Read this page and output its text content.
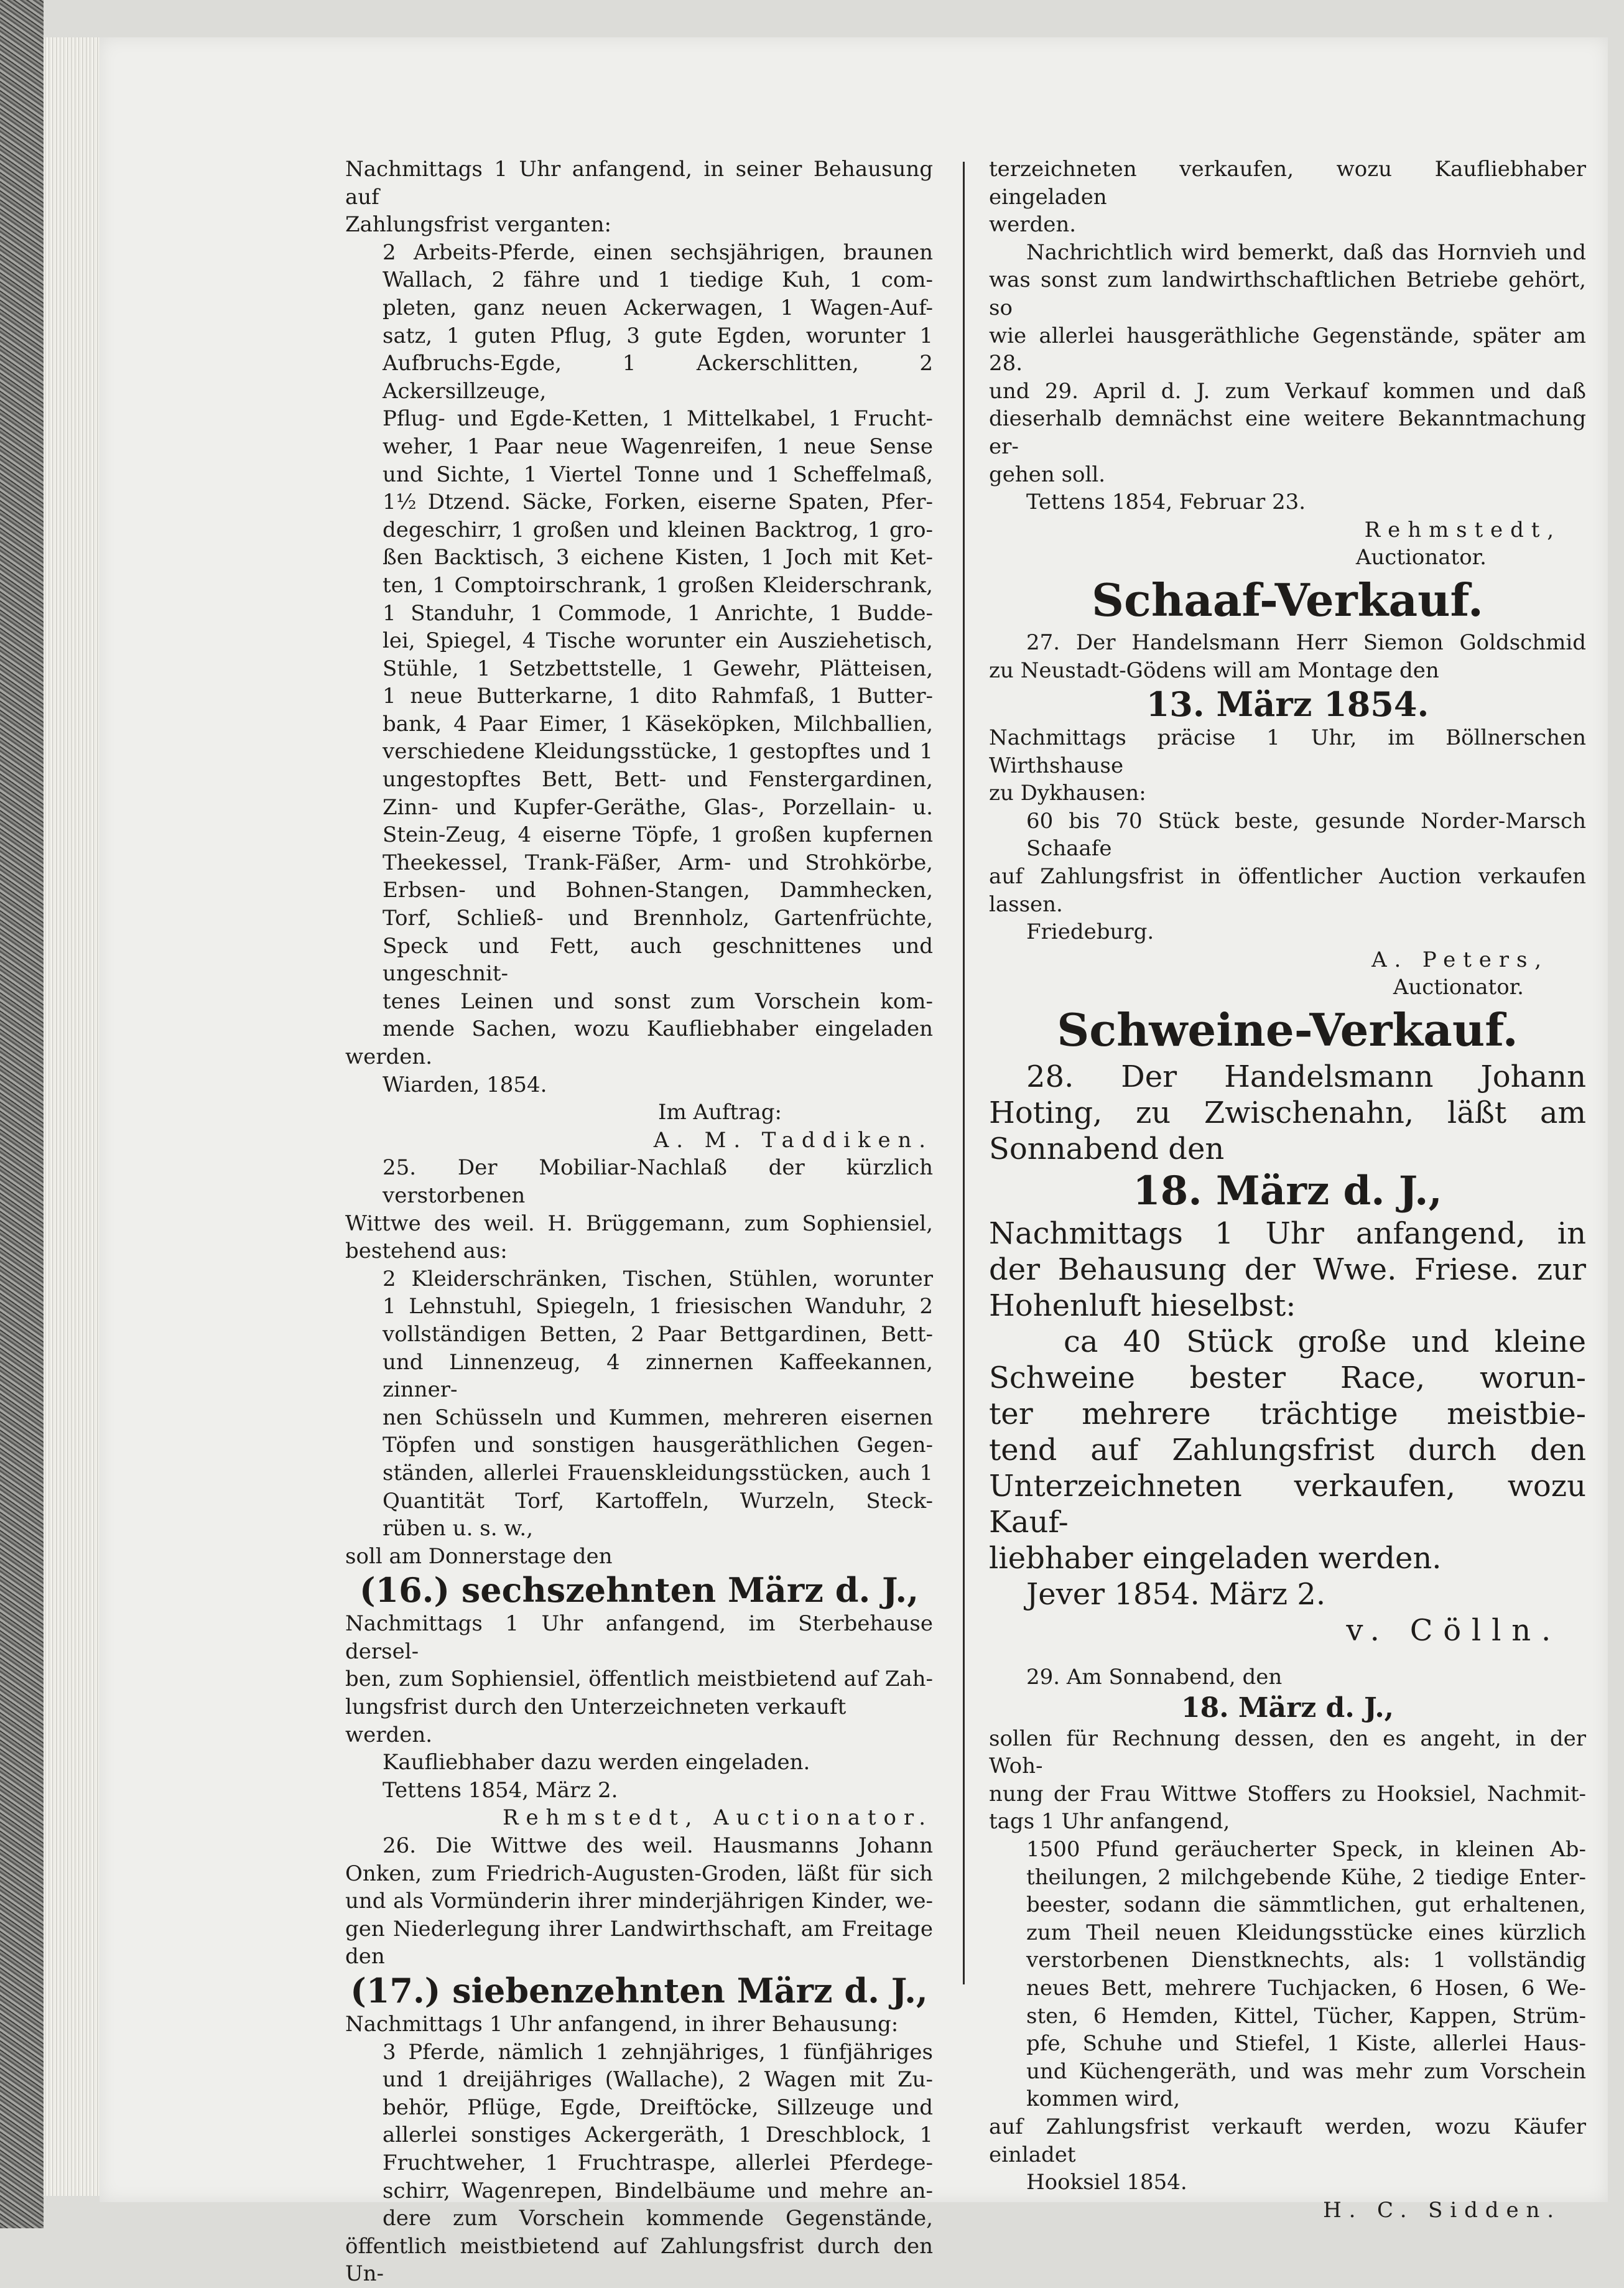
Nachmittags 1 Uhr anfangend, in seiner Behausung auf

Zahlungsfrist verganten:

2 Arbeits-Pferde, einen sechsjährigen, braunen

Wallach, 2 fähre und 1 tiedige Kuh, 1 com-

pleten, ganz neuen Ackerwagen, 1 Wagen-Auf-

satz, 1 guten Pflug, 3 gute Egden, worunter 1

Aufbruchs-Egde, 1 Ackerschlitten, 2 Ackersillzeuge,

Pflug- und Egde-Ketten, 1 Mittelkabel, 1 Frucht-

weher, 1 Paar neue Wagenreifen, 1 neue Sense

und Sichte, 1 Viertel Tonne und 1 Scheffelmaß,

1½ Dtzend. Säcke, Forken, eiserne Spaten, Pfer-

degeschirr, 1 großen und kleinen Backtrog, 1 gro-

ßen Backtisch, 3 eichene Kisten, 1 Joch mit Ket-

ten, 1 Comptoirschrank, 1 großen Kleiderschrank,

1 Standuhr, 1 Commode, 1 Anrichte, 1 Budde-

lei, Spiegel, 4 Tische worunter ein Ausziehetisch,

Stühle, 1 Setzbettstelle, 1 Gewehr, Plätteisen,

1 neue Butterkarne, 1 dito Rahmfaß, 1 Butter-

bank, 4 Paar Eimer, 1 Käseköpken, Milchballien,

verschiedene Kleidungsstücke, 1 gestopftes und 1

ungestopftes Bett, Bett- und Fenstergardinen,

Zinn- und Kupfer-Geräthe, Glas-, Porzellain- u.

Stein-Zeug, 4 eiserne Töpfe, 1 großen kupfernen

Theekessel, Trank-Fäßer, Arm- und Strohkörbe,

Erbsen- und Bohnen-Stangen, Dammhecken,

Torf, Schließ- und Brennholz, Gartenfrüchte,

Speck und Fett, auch geschnittenes und ungeschnit-

tenes Leinen und sonst zum Vorschein kom-

mende Sachen, wozu Kaufliebhaber eingeladen

werden.

Wiarden, 1854.

Im Auftrag:

A. M. Taddiken.

25. Der Mobiliar-Nachlaß der kürzlich verstorbenen

Wittwe des weil. H. Brüggemann, zum Sophiensiel,

bestehend aus:

2 Kleiderschränken, Tischen, Stühlen, worunter

1 Lehnstuhl, Spiegeln, 1 friesischen Wanduhr, 2

vollständigen Betten, 2 Paar Bettgardinen, Bett-

und Linnenzeug, 4 zinnernen Kaffeekannen, zinner-

nen Schüsseln und Kummen, mehreren eisernen

Töpfen und sonstigen hausgeräthlichen Gegen-

ständen, allerlei Frauenskleidungsstücken, auch 1

Quantität Torf, Kartoffeln, Wurzeln, Steck-

rüben u. s. w.,

soll am Donnerstage den

(16.) sechszehnten März d. J.,

Nachmittags 1 Uhr anfangend, im Sterbehause dersel-

ben, zum Sophiensiel, öffentlich meistbietend auf Zah-

lungsfrist durch den Unterzeichneten verkauft werden.

Kaufliebhaber dazu werden eingeladen.

Tettens 1854, März 2.

Rehmstedt, Auctionator.

26. Die Wittwe des weil. Hausmanns Johann

Onken, zum Friedrich-Augusten-Groden, läßt für sich

und als Vormünderin ihrer minderjährigen Kinder, we-

gen Niederlegung ihrer Landwirthschaft, am Freitage den

(17.) siebenzehnten März d. J.,

Nachmittags 1 Uhr anfangend, in ihrer Behausung:

3 Pferde, nämlich 1 zehnjähriges, 1 fünfjähriges

und 1 dreijähriges (Wallache), 2 Wagen mit Zu-

behör, Pflüge, Egde, Dreiftöcke, Sillzeuge und

allerlei sonstiges Ackergeräth, 1 Dreschblock, 1

Fruchtweher, 1 Fruchtraspe, allerlei Pferdege-

schirr, Wagenrepen, Bindelbäume und mehre an-

dere zum Vorschein kommende Gegenstände,

öffentlich meistbietend auf Zahlungsfrist durch den Un-

terzeichneten verkaufen, wozu Kaufliebhaber eingeladen

werden.

Nachrichtlich wird bemerkt, daß das Hornvieh und

was sonst zum landwirthschaftlichen Betriebe gehört, so

wie allerlei hausgeräthliche Gegenstände, später am 28.

und 29. April d. J. zum Verkauf kommen und daß

dieserhalb demnächst eine weitere Bekanntmachung er-

gehen soll.

Tettens 1854, Februar 23.

Rehmstedt,

Auctionator.

Schaaf-Verkauf.

27. Der Handelsmann Herr Siemon Goldschmid

zu Neustadt-Gödens will am Montage den

13. März 1854.

Nachmittags präcise 1 Uhr, im Böllnerschen Wirthshause

zu Dykhausen:

60 bis 70 Stück beste, gesunde Norder-Marsch

Schaafe

auf Zahlungsfrist in öffentlicher Auction verkaufen lassen.

Friedeburg.

A. Peters,

Auctionator.

Schweine-Verkauf.

28. Der Handelsmann Johann

Hoting, zu Zwischenahn, läßt am

Sonnabend den

18. März d. J.,

Nachmittags 1 Uhr anfangend, in

der Behausung der Wwe. Friese. zur

Hohenluft hieselbst:

ca 40 Stück große und kleine

Schweine bester Race, worun-

ter mehrere trächtige meistbie-

tend auf Zahlungsfrist durch den

Unterzeichneten verkaufen, wozu Kauf-

liebhaber eingeladen werden.

Jever 1854. März 2.

v. Cölln.

29. Am Sonnabend, den

18. März d. J.,

sollen für Rechnung dessen, den es angeht, in der Woh-

nung der Frau Wittwe Stoffers zu Hooksiel, Nachmit-

tags 1 Uhr anfangend,

1500 Pfund geräucherter Speck, in kleinen Ab-

theilungen, 2 milchgebende Kühe, 2 tiedige Enter-

beester, sodann die sämmtlichen, gut erhaltenen,

zum Theil neuen Kleidungsstücke eines kürzlich

verstorbenen Dienstknechts, als: 1 vollständig

neues Bett, mehrere Tuchjacken, 6 Hosen, 6 We-

sten, 6 Hemden, Kittel, Tücher, Kappen, Strüm-

pfe, Schuhe und Stiefel, 1 Kiste, allerlei Haus-

und Küchengeräth, und was mehr zum Vorschein

kommen wird,

auf Zahlungsfrist verkauft werden, wozu Käufer einladet

Hooksiel 1854.

H. C. Sidden.
